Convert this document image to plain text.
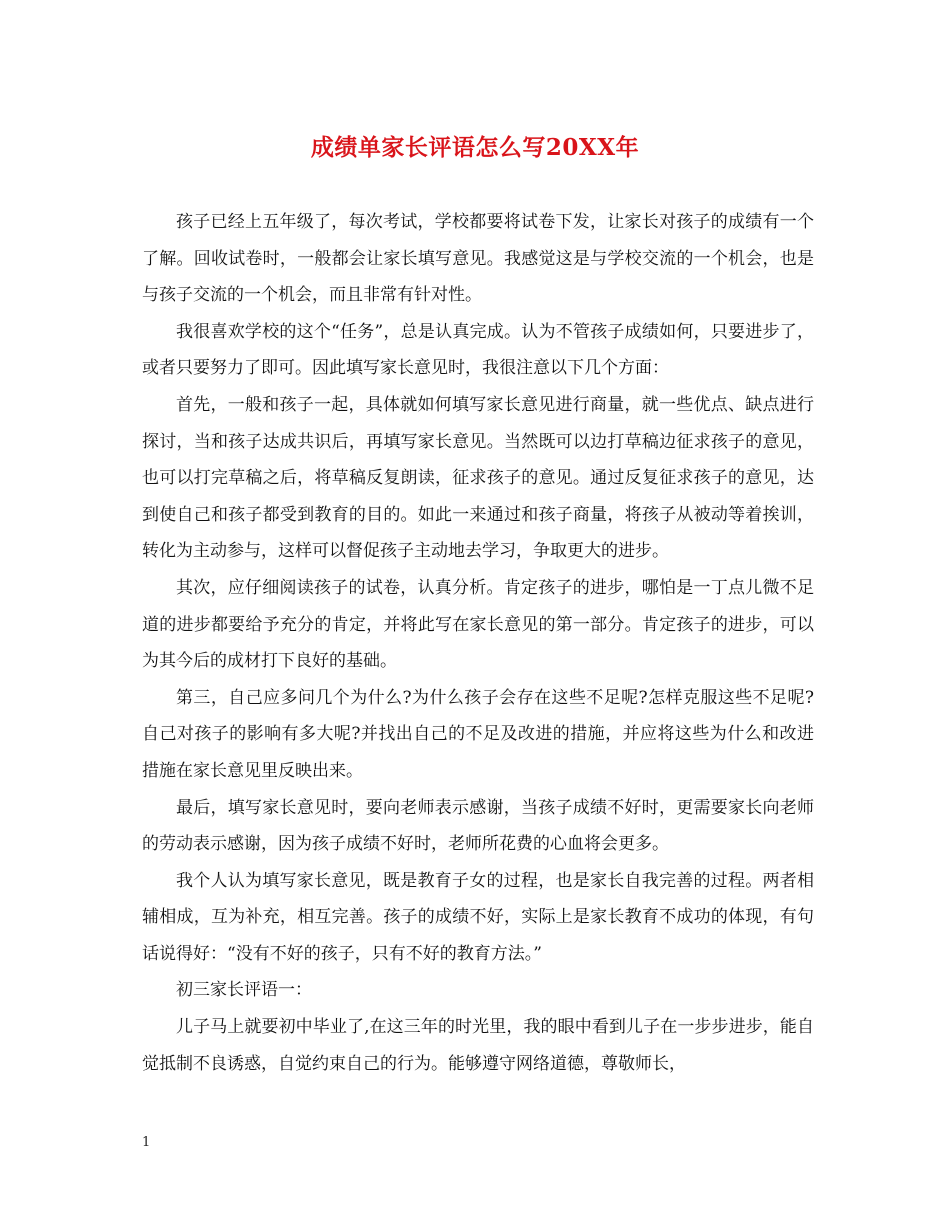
成绩单家长评语怎么写20XX年

孩子已经上五年级了，每次考试，学校都要将试卷下发，让家长对孩子的成绩有一个了解。回收试卷时，一般都会让家长填写意见。我感觉这是与学校交流的一个机会，也是与孩子交流的一个机会，而且非常有针对性。

我很喜欢学校的这个“任务”，总是认真完成。认为不管孩子成绩如何，只要进步了，或者只要努力了即可。因此填写家长意见时，我很注意以下几个方面：

首先，一般和孩子一起，具体就如何填写家长意见进行商量，就一些优点、缺点进行探讨，当和孩子达成共识后，再填写家长意见。当然既可以边打草稿边征求孩子的意见，也可以打完草稿之后，将草稿反复朗读，征求孩子的意见。通过反复征求孩子的意见，达到使自己和孩子都受到教育的目的。如此一来通过和孩子商量，将孩子从被动等着挨训，转化为主动参与，这样可以督促孩子主动地去学习，争取更大的进步。

其次，应仔细阅读孩子的试卷，认真分析。肯定孩子的进步，哪怕是一丁点儿微不足道的进步都要给予充分的肯定，并将此写在家长意见的第一部分。肯定孩子的进步，可以为其今后的成材打下良好的基础。

第三，自己应多问几个为什么?为什么孩子会存在这些不足呢?怎样克服这些不足呢?自己对孩子的影响有多大呢?并找出自己的不足及改进的措施，并应将这些为什么和改进措施在家长意见里反映出来。

最后，填写家长意见时，要向老师表示感谢，当孩子成绩不好时，更需要家长向老师的劳动表示感谢，因为孩子成绩不好时，老师所花费的心血将会更多。

我个人认为填写家长意见，既是教育子女的过程，也是家长自我完善的过程。两者相辅相成，互为补充，相互完善。孩子的成绩不好，实际上是家长教育不成功的体现，有句话说得好：“没有不好的孩子，只有不好的教育方法。”

初三家长评语一：

儿子马上就要初中毕业了,在这三年的时光里，我的眼中看到儿子在一步步进步，能自觉抵制不良诱惑，自觉约束自己的行为。能够遵守网络道德，尊敬师长，

1
